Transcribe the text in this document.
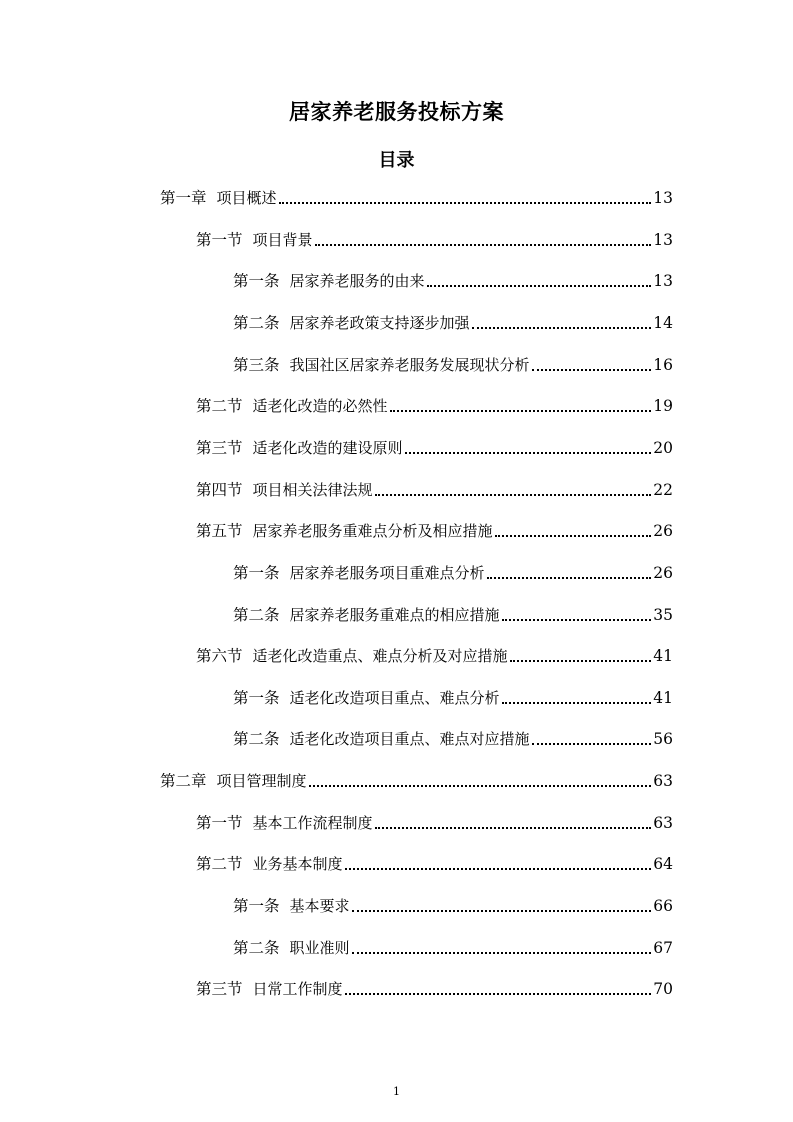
居家养老服务投标方案
目录
第一章 项目概述	13
第一节 项目背景	13
第一条 居家养老服务的由来	13
第二条 居家养老政策支持逐步加强	14
第三条 我国社区居家养老服务发展现状分析	16
第二节 适老化改造的必然性	19
第三节 适老化改造的建设原则	20
第四节 项目相关法律法规	22
第五节 居家养老服务重难点分析及相应措施	26
第一条 居家养老服务项目重难点分析	26
第二条 居家养老服务重难点的相应措施	35
第六节 适老化改造重点、难点分析及对应措施	41
第一条 适老化改造项目重点、难点分析	41
第二条 适老化改造项目重点、难点对应措施	56
第二章 项目管理制度	63
第一节 基本工作流程制度	63
第二节 业务基本制度	64
第一条 基本要求	66
第二条 职业准则	67
第三节 日常工作制度	70
1
